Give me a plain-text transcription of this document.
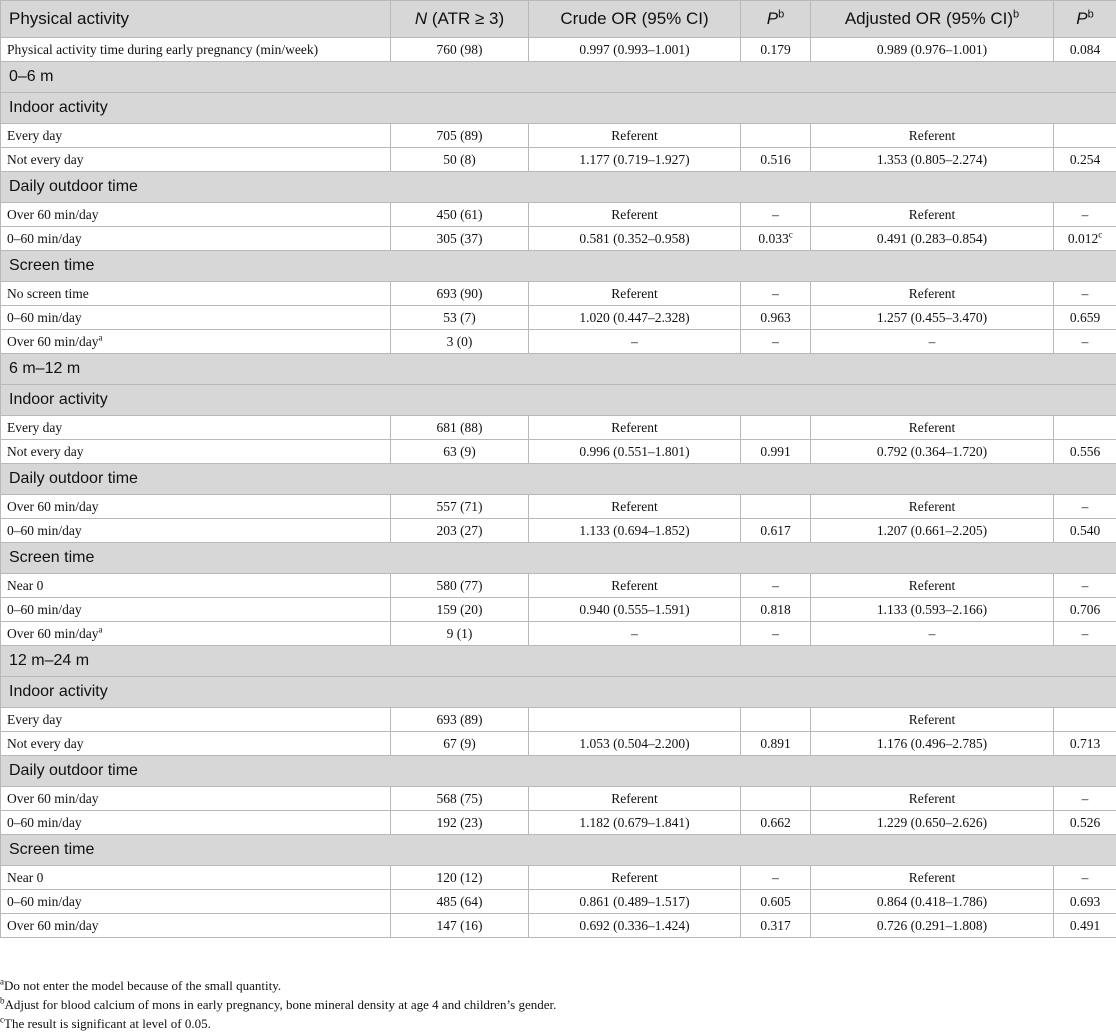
Physical activity	N (ATR ≥ 3)	Crude OR (95% CI)	$P^b$	Adjusted OR (95% CI)$^b$	$P^b$
Physical activity time during early pregnancy (min/week)	760 (98)	0.997 (0.993–1.001)	0.179	0.989 (0.976–1.001)	0.084
0–6 m					
Indoor activity					
Every day	705 (89)	Referent		Referent	
Not every day	50 (8)	1.177 (0.719–1.927)	0.516	1.353 (0.805–2.274)	0.254
Daily outdoor time					
Over 60 min/day	450 (61)	Referent	–	Referent	–
0–60 min/day	305 (37)	0.581 (0.352–0.958)	0.033$^c$	0.491 (0.283–0.854)	0.012$^c$
Screen time					
No screen time	693 (90)	Referent	–	Referent	–
0–60 min/day	53 (7)	1.020 (0.447–2.328)	0.963	1.257 (0.455–3.470)	0.659
Over 60 min/day$^a$	3 (0)	–	–	–	–
6 m–12 m					
Indoor activity					
Every day	681 (88)	Referent		Referent	
Not every day	63 (9)	0.996 (0.551–1.801)	0.991	0.792 (0.364–1.720)	0.556
Daily outdoor time					
Over 60 min/day	557 (71)	Referent		Referent	–
0–60 min/day	203 (27)	1.133 (0.694–1.852)	0.617	1.207 (0.661–2.205)	0.540
Screen time					
Near 0	580 (77)	Referent	–	Referent	–
0–60 min/day	159 (20)	0.940 (0.555–1.591)	0.818	1.133 (0.593–2.166)	0.706
Over 60 min/day$^a$	9 (1)	–	–	–	–
12 m–24 m					
Indoor activity					
Every day	693 (89)			Referent	
Not every day	67 (9)	1.053 (0.504–2.200)	0.891	1.176 (0.496–2.785)	0.713
Daily outdoor time					
Over 60 min/day	568 (75)	Referent		Referent	–
0–60 min/day	192 (23)	1.182 (0.679–1.841)	0.662	1.229 (0.650–2.626)	0.526
Screen time					
Near 0	120 (12)	Referent	–	Referent	–
0–60 min/day	485 (64)	0.861 (0.489–1.517)	0.605	0.864 (0.418–1.786)	0.693
Over 60 min/day	147 (16)	0.692 (0.336–1.424)	0.317	0.726 (0.291–1.808)	0.491
$^a$Do not enter the model because of the small quantity.
$^b$Adjust for blood calcium of mons in early pregnancy, bone mineral density at age 4 and children’s gender.
$^c$The result is significant at level of 0.05.
